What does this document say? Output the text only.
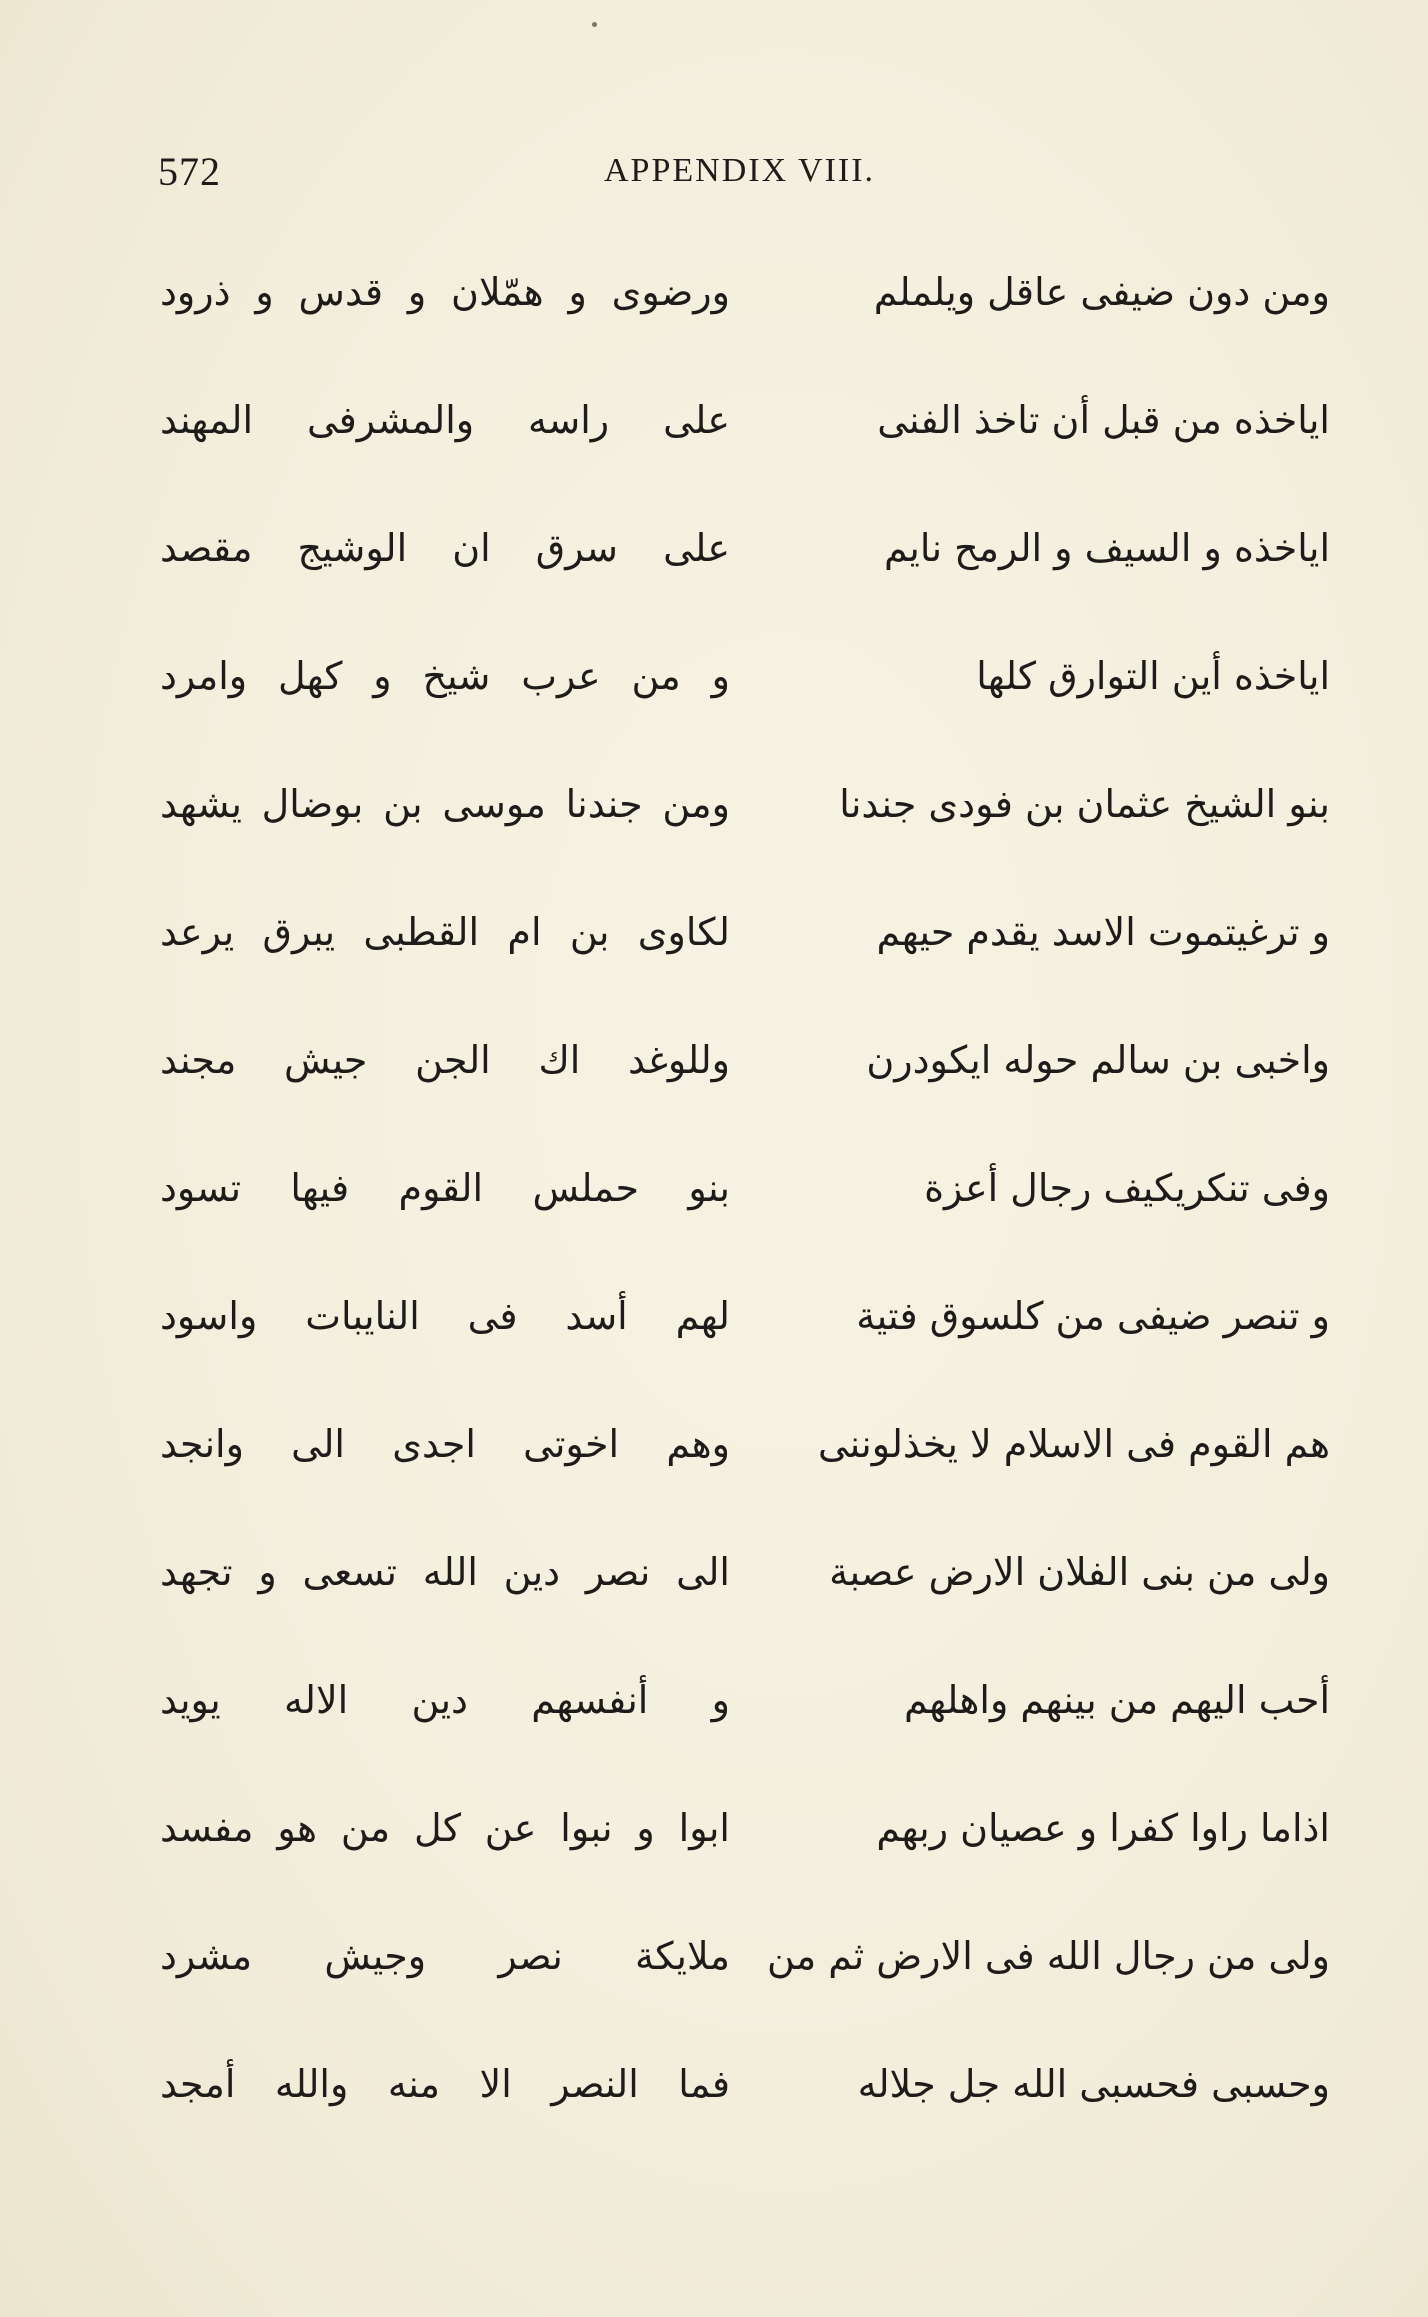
572	APPENDIX VIII.
ومن دون ضيفى عاقل ويلملم
ورضوى و همّلان و قدس و ذرود
اياخذه من قبل أن تاخذ الفنى
على راسه والمشرفى المهند
اياخذه و السيف و الرمح نايم
على سرق ان الوشيج مقصد
اياخذه أين التوارق كلها
و من عرب شيخ و كهل وامرد
بنو الشيخ عثمان بن فودى جندنا
ومن جندنا موسى بن بوضال يشهد
و ترغيتموت الاسد يقدم حيهم
لكاوى بن ام القطبى يبرق يرعد
واخبى بن سالم حوله ايكودرن
وللوغد اك الجن جيش مجند
وفى تنكريكيف رجال أعزة
بنو حملس القوم فيها تسود
و تنصر ضيفى من كلسوق فتية
لهم أسد فى النايبات واسود
هم القوم فى الاسلام لا يخذلوننى
وهم اخوتى اجدى الى وانجد
ولى من بنى الفلان الارض عصبة
الى نصر دين الله تسعى و تجهد
أحب اليهم من بينهم واهلهم
و أنفسهم دين الاله يويد
اذاما راوا كفرا و عصيان ربهم
ابوا و نبوا عن كل من هو مفسد
ولى من رجال الله فى الارض ثم من
ملايكة نصر وجيش مشرد
وحسبى فحسبى الله جل جلاله
فما النصر الا منه والله أمجد
